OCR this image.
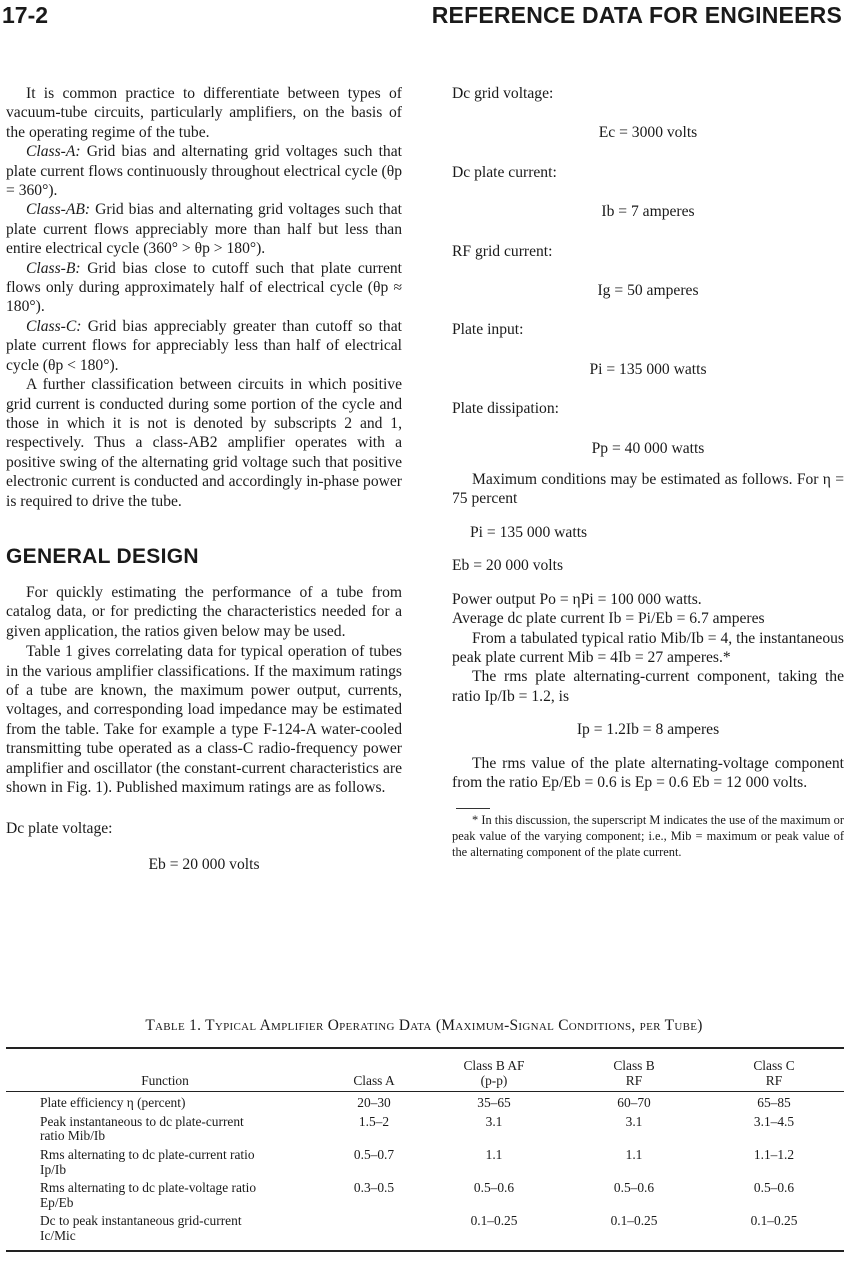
17-2	REFERENCE DATA FOR ENGINEERS

It is common practice to differentiate between types of vacuum-tube circuits, particularly amplifiers, on the basis of the operating regime of the tube.

Class-A: Grid bias and alternating grid voltages such that plate current flows continuously throughout electrical cycle (θp = 360°).

Class-AB: Grid bias and alternating grid voltages such that plate current flows appreciably more than half but less than entire electrical cycle (360° > θp > 180°).

Class-B: Grid bias close to cutoff such that plate current flows only during approximately half of electrical cycle (θp ≈ 180°).

Class-C: Grid bias appreciably greater than cutoff so that plate current flows for appreciably less than half of electrical cycle (θp < 180°).

A further classification between circuits in which positive grid current is conducted during some portion of the cycle and those in which it is not is denoted by subscripts 2 and 1, respectively. Thus a class-AB2 amplifier operates with a positive swing of the alternating grid voltage such that positive electronic current is conducted and accordingly in-phase power is required to drive the tube.

GENERAL DESIGN

For quickly estimating the performance of a tube from catalog data, or for predicting the characteristics needed for a given application, the ratios given below may be used.

Table 1 gives correlating data for typical operation of tubes in the various amplifier classifications. If the maximum ratings of a tube are known, the maximum power output, currents, voltages, and corresponding load impedance may be estimated from the table. Take for example a type F-124-A water-cooled transmitting tube operated as a class-C radio-frequency power amplifier and oscillator (the constant-current characteristics are shown in Fig. 1). Published maximum ratings are as follows.

Dc plate voltage:

Eb = 20 000 volts

Dc grid voltage:

Ec = 3000 volts

Dc plate current:

Ib = 7 amperes

RF grid current:

Ig = 50 amperes

Plate input:

Pi = 135 000 watts

Plate dissipation:

Pp = 40 000 watts

Maximum conditions may be estimated as follows. For η = 75 percent

Pi = 135 000 watts

Eb = 20 000 volts

Power output Po = ηPi = 100 000 watts.

Average dc plate current Ib = Pi/Eb = 6.7 amperes

From a tabulated typical ratio Mib/Ib = 4, the instantaneous peak plate current Mib = 4Ib = 27 amperes.*

The rms plate alternating-current component, taking the ratio Ip/Ib = 1.2, is

Ip = 1.2Ib = 8 amperes

The rms value of the plate alternating-voltage component from the ratio Ep/Eb = 0.6 is Ep = 0.6 Eb = 12 000 volts.

* In this discussion, the superscript M indicates the use of the maximum or peak value of the varying component; i.e., Mib = maximum or peak value of the alternating component of the plate current.

Table 1. Typical Amplifier Operating Data (Maximum-Signal Conditions, per Tube)
Function	Class A	Class B AF (p-p)	Class B RF	Class C RF
Plate efficiency η (percent)	20–30	35–65	60–70	65–85
Peak instantaneous to dc plate-current ratio Mib/Ib	1.5–2	3.1	3.1	3.1–4.5
Rms alternating to dc plate-current ratio Ip/Ib	0.5–0.7	1.1	1.1	1.1–1.2
Rms alternating to dc plate-voltage ratio Ep/Eb	0.3–0.5	0.5–0.6	0.5–0.6	0.5–0.6
Dc to peak instantaneous grid-current Ic/Mic		0.1–0.25	0.1–0.25	0.1–0.25
